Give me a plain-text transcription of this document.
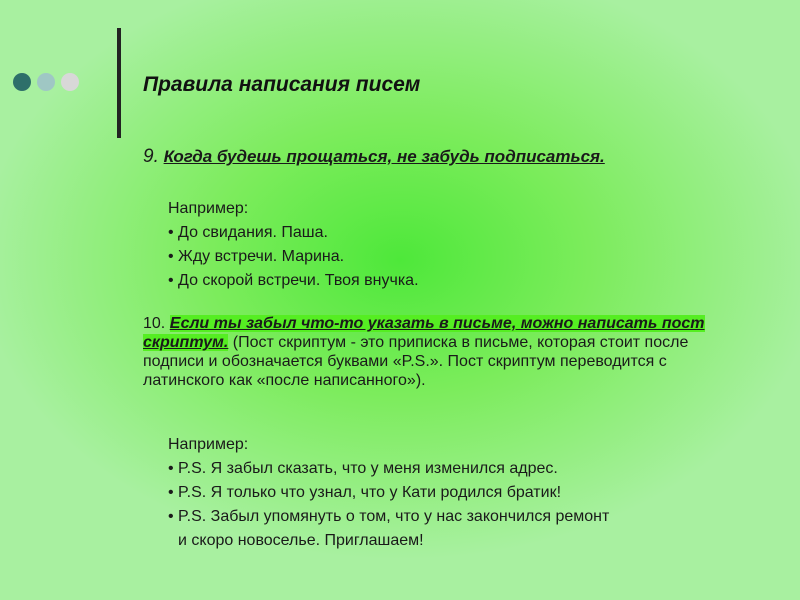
Правила написания писем
9. Когда будешь прощаться, не забудь подписаться.
Например:
• До свидания. Паша.
• Жду встречи. Марина.
• До скорой встречи. Твоя внучка.
10. Если ты забыл что-то указать в письме, можно написать пост скриптум. (Пост скриптум - это приписка в письме, которая стоит после подписи и обозначается буквами «P.S.». Пост скриптум переводится с латинского как «после написанного»).
Например:
• P.S. Я забыл сказать, что у меня изменился адрес.
• P.S. Я только что узнал, что у Кати родился братик!
• P.S. Забыл упомянуть о том, что у нас закончился ремонт
и скоро новоселье. Приглашаем!
